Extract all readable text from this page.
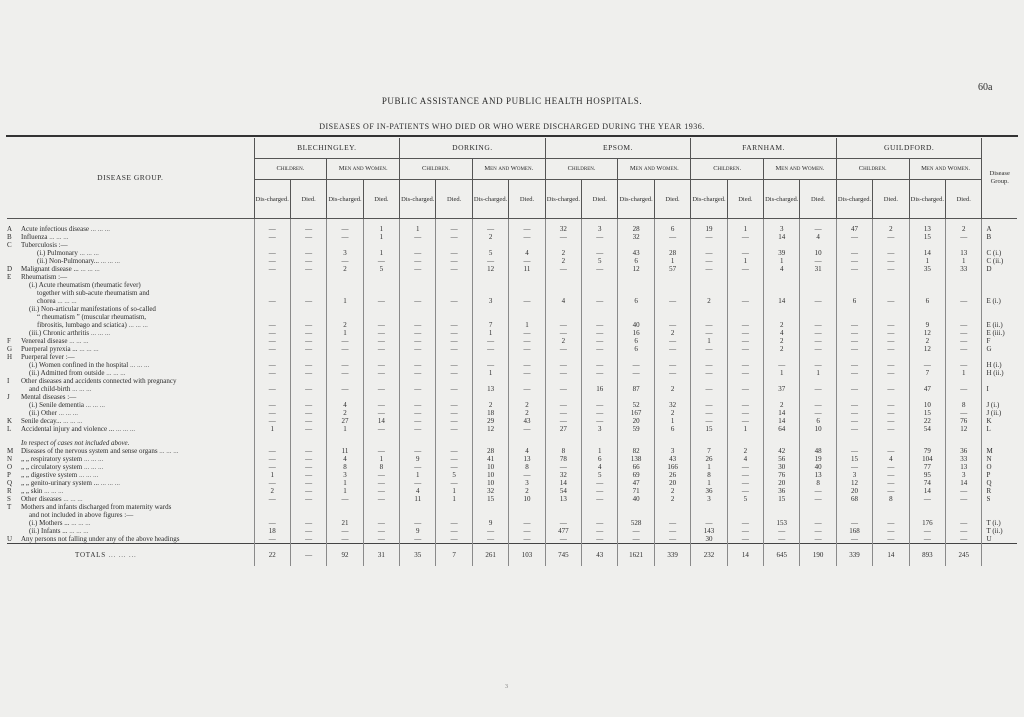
60a
PUBLIC ASSISTANCE AND PUBLIC HEALTH HOSPITALS.
DISEASES OF IN-PATIENTS WHO DIED OR WHO WERE DISCHARGED DURING THE YEAR 1936.
DISEASE GROUP.	BLECHINGLEY.				DORKING.				EPSOM.				FARNHAM.				GUILDFORD.				Disease Group.
	Children.		Men and Women.		Children.		Men and Women.		Children.		Men and Women.		Children.		Men and Women.		Children.		Men and Women.		
	Dis-charged.	Died.	Dis-charged.	Died.	Dis-charged.	Died.	Dis-charged.	Died.	Dis-charged.	Died.	Dis-charged.	Died.	Dis-charged.	Died.	Dis-charged.	Died.	Dis-charged.	Died.	Dis-charged.	Died.	

A Acute infectious disease ... ... ...	—	—	—	1	1	—	—	—	32	3	28	6	19	1	3	—	47	2	13	2	A
B Influenza ... ... ...	—	—	—	1	—	—	2	—	—	—	32	—	—	—	14	4	—	—	15	—	B
C Tuberculosis :—																					
(i.) Pulmonary ... ... ...	—	—	3	1	—	—	5	4	2	—	43	28	—	—	39	10	—	—	14	13	C (i.)
(ii.) Non-Pulmonary... ... ... ...	—	—	—	—	—	—	—	—	2	5	6	1	—	1	1	—	—	—	1	1	C (ii.)
D Malignant disease ... ... ... ...	—	—	2	5	—	—	12	11	—	—	12	57	—	—	4	31	—	—	35	33	D
E Rheumatism :—																					
(i.) Acute rheumatism (rheumatic fever)																					
together with sub-acute rheumatism and																					
chorea ... ... ...	—	—	1	—	—	—	3	—	4	—	6	—	2	—	14	—	6	—	6	—	E (i.)
(ii.) Non-articular manifestations of so-called																					
“ rheumatism ” (muscular rheumatism,																					
fibrositis, lumbago and sciatica) ... ... ...	—	—	2	—	—	—	7	1	—	—	40	—	—	—	2	—	—	—	9	—	E (ii.)
(iii.) Chronic arthritis ... ... ...	—	—	1	—	—	—	1	—	—	—	16	2	—	—	4	—	—	—	12	—	E (iii.)
F Venereal disease ... ... ...	—	—	—	—	—	—	—	—	2	—	6	—	1	—	2	—	—	—	2	—	F
G Puerperal pyrexia ... ... ... ...	—	—	—	—	—	—	—	—	—	—	6	—	—	—	2	—	—	—	12	—	G
H Puerperal fever :—																					
(i.) Women confined in the hospital ... ... ...	—	—	—	—	—	—	—	—	—	—	—	—	—	—	—	—	—	—	—	—	H (i.)
(ii.) Admitted from outside ... ... ...	—	—	—	—	—	—	1	—	—	—	—	—	—	—	1	1	—	—	7	1	H (ii.)
I Other diseases and accidents connected with pregnancy																					
and child-birth ... ... ...	—	—	—	—	—	—	13	—	—	16	87	2	—	—	37	—	—	—	47	—	I
J Mental diseases :—																					
(i.) Senile dementia ... ... ...	—	—	4	—	—	—	2	2	—	—	52	32	—	—	2	—	—	—	10	8	J (i.)
(ii.) Other ... ... ...	—	—	2	—	—	—	18	2	—	—	167	2	—	—	14	—	—	—	15	—	J (ii.)
K Senile decay... ... ... ...	—	—	27	14	—	—	29	43	—	—	20	1	—	—	14	6	—	—	22	76	K
L Accidental injury and violence ... ... ... ...	1	—	1	—	—	—	12	—	27	3	59	6	15	1	64	10	—	—	54	12	L

In respect of cases not included above.																					
M Diseases of the nervous system and sense organs ... ... ...	—	—	11	—	—	—	28	4	8	1	82	3	7	2	42	48	—	—	79	36	M
N „ „ respiratory system ... ... ...	—	—	4	1	9	—	41	13	78	6	138	43	26	4	56	19	15	4	104	33	N
O „ „ circulatory system ... ... ...	—	—	8	8	—	—	10	8	—	4	66	166	1	—	30	40	—	—	77	13	O
P „ „ digestive system ... ... ...	1	—	3	—	1	5	10	—	32	5	69	26	8	—	76	13	3	—	95	3	P
Q „ „ genito-urinary system ... ... ... ...	—	—	1	—	—	—	10	3	14	—	47	20	1	—	20	8	12	—	74	14	Q
R „ „ skin ... ... ...	2	—	1	—	4	1	32	2	54	—	71	2	36	—	36	—	20	—	14	—	R
S Other diseases ... ... ...	—	—	—	—	11	1	15	10	13	—	40	2	3	5	15	—	68	8	—	—	S
T Mothers and infants discharged from maternity wards																					
and not included in above figures :—																					
(i.) Mothers ... ... ... ...	—	—	21	—	—	—	9	—	—	—	528	—	—	—	153	—	—	—	176	—	T (i.)
(ii.) Infants ... ... ... ...	18	—	—	—	9	—	—	—	477	—	—	—	143	—	—	—	168	—	—	—	T (ii.)
U Any persons not falling under any of the above headings	—	—	—	—	—	—	—	—	—	—	—	—	30	—	—	—	—	—	—	—	U
TOTALS ... ... ...	22	—	92	31	35	7	261	103	745	43	1621	339	232	14	645	190	339	14	893	245	
3
